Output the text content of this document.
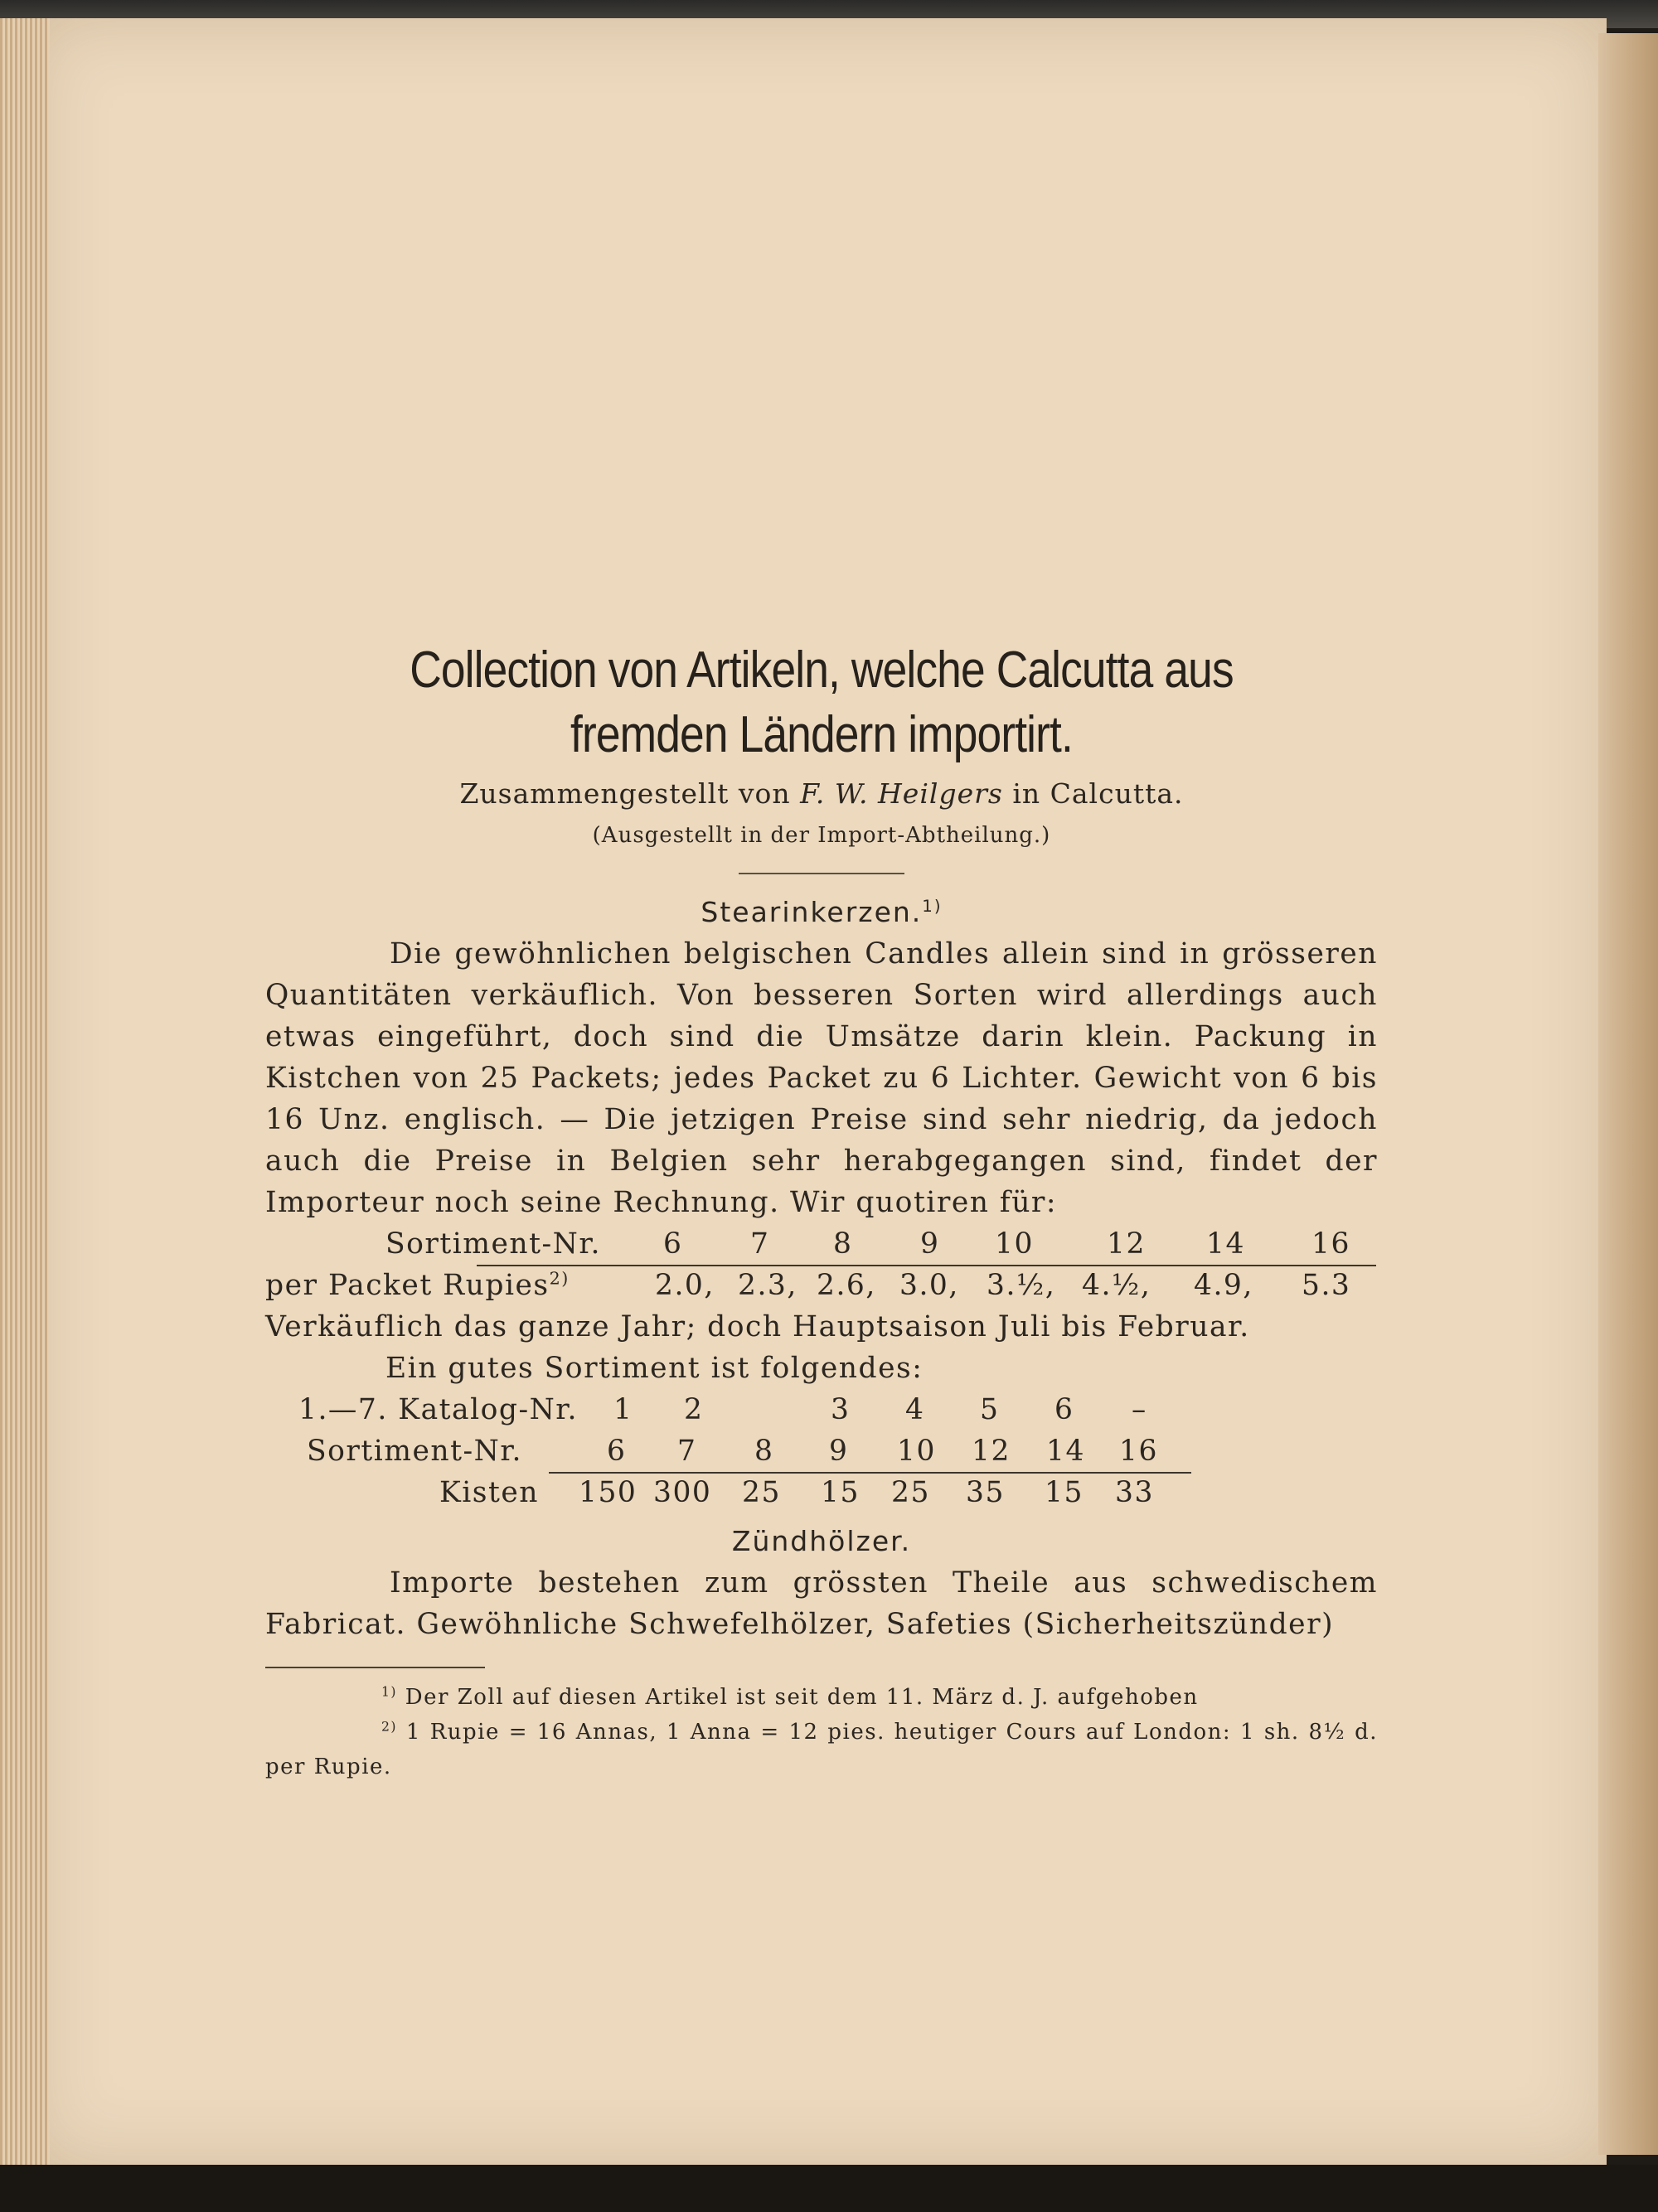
Collection von Artikeln, welche Calcutta aus
fremden Ländern importirt.
Zusammengestellt von F. W. Heilgers in Calcutta.
(Ausgestellt in der Import-Abtheilung.)
Stearinkerzen.$^{1)}$

Die gewöhnlichen belgischen Candles allein sind in grösseren Quantitäten verkäuflich. Von besseren Sorten wird allerdings auch etwas eingeführt, doch sind die Umsätze darin klein. Packung in Kistchen von 25 Packets; jedes Packet zu 6 Lichter. Gewicht von 6 bis 16 Unz. englisch. — Die jetzigen Preise sind sehr niedrig, da jedoch auch die Preise in Belgien sehr herabgegangen sind, findet der Importeur noch seine Rechnung. Wir quotiren für:

Sortiment-Nr. 6 7 8 9 10	12 14 16
per Packet Rupies$^{2)}$	2.0, 2.3, 2.6, 3.0, 3.½, 4.½, 4.9, 5.3
Verkäuflich das ganze Jahr; doch Hauptsaison Juli bis Februar.
Ein gutes Sortiment ist folgendes:
1.—7. Katalog-Nr. 1 2	3 4 5 6 –
Sortiment-Nr.	6 7 8 9 10 12 14 16
Kisten 150 300 25 15 25 35 15 33
Zündhölzer.

Importe bestehen zum grössten Theile aus schwedischem Fabricat. Gewöhnliche Schwefelhölzer, Safeties (Sicherheitszünder)

$^{1)}$ Der Zoll auf diesen Artikel ist seit dem 11. März d. J. aufgehoben
$^{2)}$ 1 Rupie = 16 Annas, 1 Anna = 12 pies. heutiger Cours auf London: 1 sh. 8½ d. per Rupie.
